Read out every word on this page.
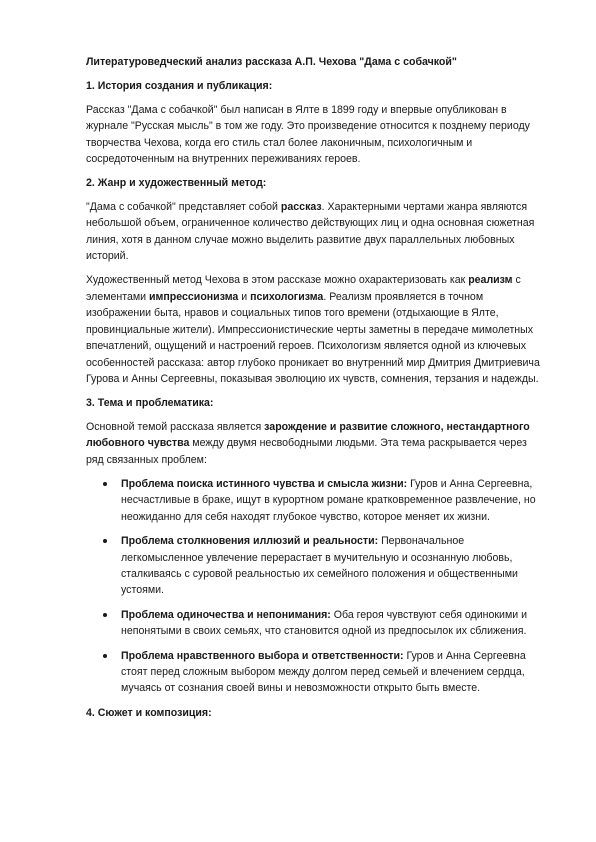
Литературоведческий анализ рассказа А.П. Чехова "Дама с собачкой"
1. История создания и публикация:

Рассказ "Дама с собачкой" был написан в Ялте в 1899 году и впервые опубликован в журнале "Русская мысль" в том же году. Это произведение относится к позднему периоду творчества Чехова, когда его стиль стал более лаконичным, психологичным и сосредоточенным на внутренних переживаниях героев.

2. Жанр и художественный метод:

"Дама с собачкой" представляет собой рассказ. Характерными чертами жанра являются небольшой объем, ограниченное количество действующих лиц и одна основная сюжетная линия, хотя в данном случае можно выделить развитие двух параллельных любовных историй.

Художественный метод Чехова в этом рассказе можно охарактеризовать как реализм с элементами импрессионизма и психологизма. Реализм проявляется в точном изображении быта, нравов и социальных типов того времени (отдыхающие в Ялте, провинциальные жители). Импрессионистические черты заметны в передаче мимолетных впечатлений, ощущений и настроений героев. Психологизм является одной из ключевых особенностей рассказа: автор глубоко проникает во внутренний мир Дмитрия Дмитриевича Гурова и Анны Сергеевны, показывая эволюцию их чувств, сомнения, терзания и надежды.

3. Тема и проблематика:

Основной темой рассказа является зарождение и развитие сложного, нестандартного любовного чувства между двумя несвободными людьми. Эта тема раскрывается через ряд связанных проблем:

Проблема поиска истинного чувства и смысла жизни: Гуров и Анна Сергеевна, несчастливые в браке, ищут в курортном романе кратковременное развлечение, но неожиданно для себя находят глубокое чувство, которое меняет их жизни.
Проблема столкновения иллюзий и реальности: Первоначальное легкомысленное увлечение перерастает в мучительную и осознанную любовь, сталкиваясь с суровой реальностью их семейного положения и общественными устоями.
Проблема одиночества и непонимания: Оба героя чувствуют себя одинокими и непонятыми в своих семьях, что становится одной из предпосылок их сближения.
Проблема нравственного выбора и ответственности: Гуров и Анна Сергеевна стоят перед сложным выбором между долгом перед семьей и влечением сердца, мучаясь от сознания своей вины и невозможности открыто быть вместе.
4. Сюжет и композиция:
